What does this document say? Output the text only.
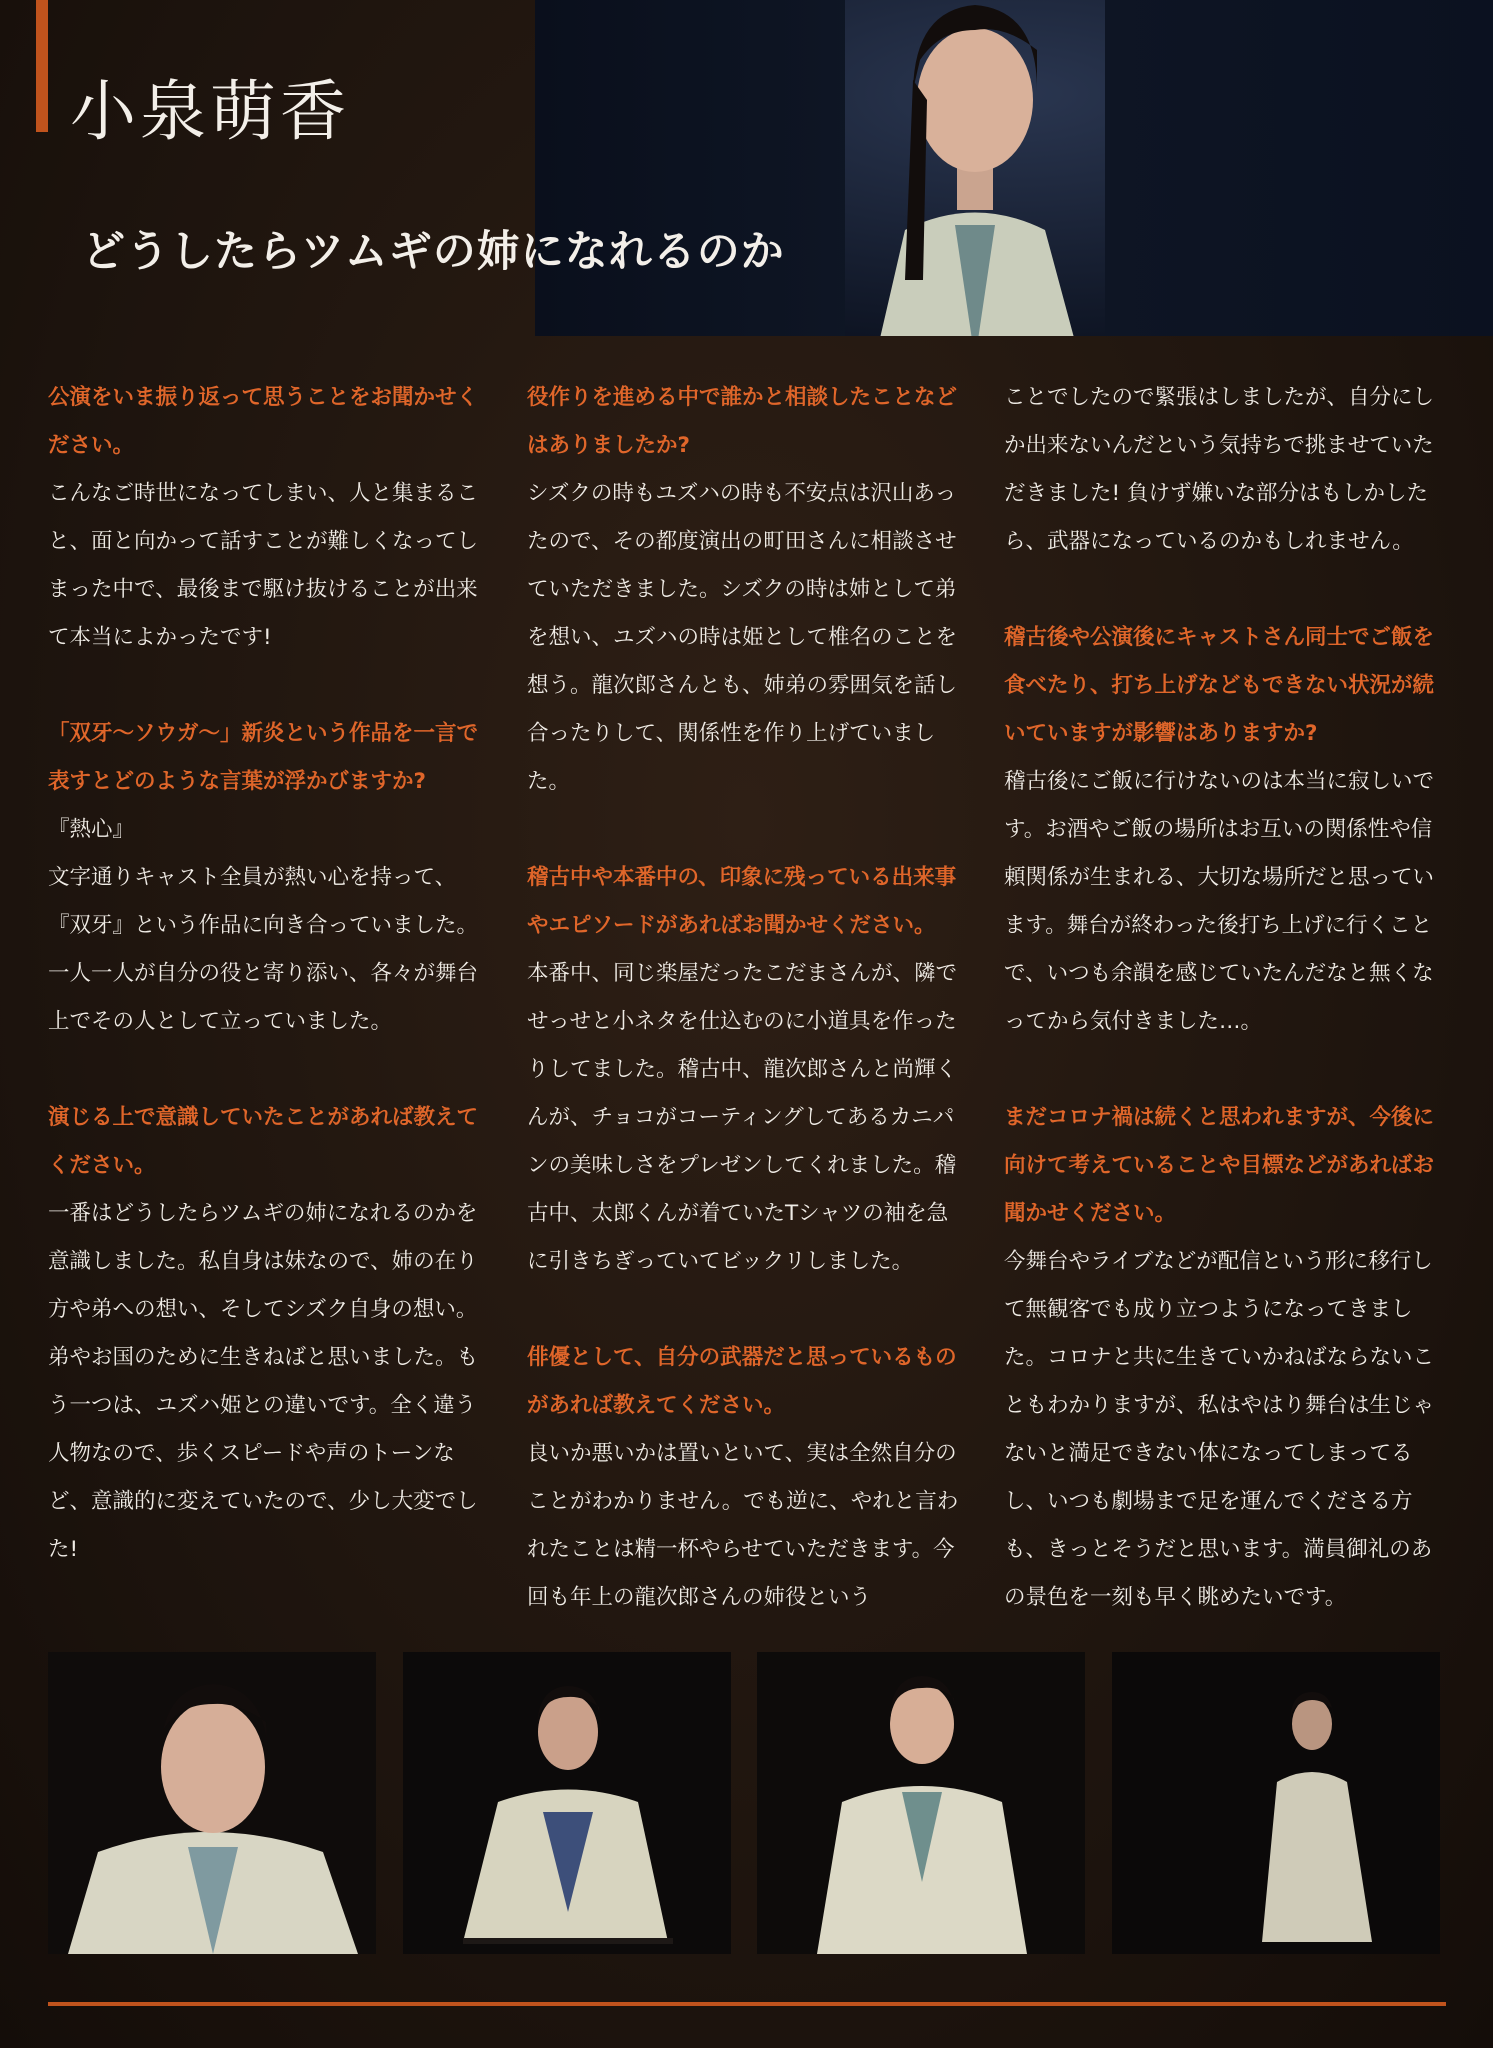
小泉萌香
どうしたらツムギの姉になれるのか

公演をいま振り返って思うことをお聞かせください。

こんなご時世になってしまい、人と集まること、面と向かって話すことが難しくなってしまった中で、最後まで駆け抜けることが出来て本当によかったです!

「双牙〜ソウガ〜」新炎という作品を一言で表すとどのような言葉が浮かびますか?

『熱心』

文字通りキャスト全員が熱い心を持って、『双牙』という作品に向き合っていました。一人一人が自分の役と寄り添い、各々が舞台上でその人として立っていました。

演じる上で意識していたことがあれば教えてください。

一番はどうしたらツムギの姉になれるのかを意識しました。私自身は妹なので、姉の在り方や弟への想い、そしてシズク自身の想い。弟やお国のために生きねばと思いました。もう一つは、ユズハ姫との違いです。全く違う人物なので、歩くスピードや声のトーンなど、意識的に変えていたので、少し大変でした!

役作りを進める中で誰かと相談したことなどはありましたか?

シズクの時もユズハの時も不安点は沢山あったので、その都度演出の町田さんに相談させていただきました。シズクの時は姉として弟を想い、ユズハの時は姫として椎名のことを想う。龍次郎さんとも、姉弟の雰囲気を話し合ったりして、関係性を作り上げていました。

稽古中や本番中の、印象に残っている出来事やエピソードがあればお聞かせください。

本番中、同じ楽屋だったこだまさんが、隣でせっせと小ネタを仕込むのに小道具を作ったりしてました。稽古中、龍次郎さんと尚輝くんが、チョコがコーティングしてあるカニパンの美味しさをプレゼンしてくれました。稽古中、太郎くんが着ていたTシャツの袖を急に引きちぎっていてビックリしました。

俳優として、自分の武器だと思っているものがあれば教えてください。

良いか悪いかは置いといて、実は全然自分のことがわかりません。でも逆に、やれと言われたことは精一杯やらせていただきます。今回も年上の龍次郎さんの姉役という

ことでしたので緊張はしましたが、自分にしか出来ないんだという気持ちで挑ませていただきました! 負けず嫌いな部分はもしかしたら、武器になっているのかもしれません。

稽古後や公演後にキャストさん同士でご飯を食べたり、打ち上げなどもできない状況が続いていますが影響はありますか?

稽古後にご飯に行けないのは本当に寂しいです。お酒やご飯の場所はお互いの関係性や信頼関係が生まれる、大切な場所だと思っています。舞台が終わった後打ち上げに行くことで、いつも余韻を感じていたんだなと無くなってから気付きました…。

まだコロナ禍は続くと思われますが、今後に向けて考えていることや目標などがあればお聞かせください。

今舞台やライブなどが配信という形に移行して無観客でも成り立つようになってきました。コロナと共に生きていかねばならないこともわかりますが、私はやはり舞台は生じゃないと満足できない体になってしまってるし、いつも劇場まで足を運んでくださる方も、きっとそうだと思います。満員御礼のあの景色を一刻も早く眺めたいです。
